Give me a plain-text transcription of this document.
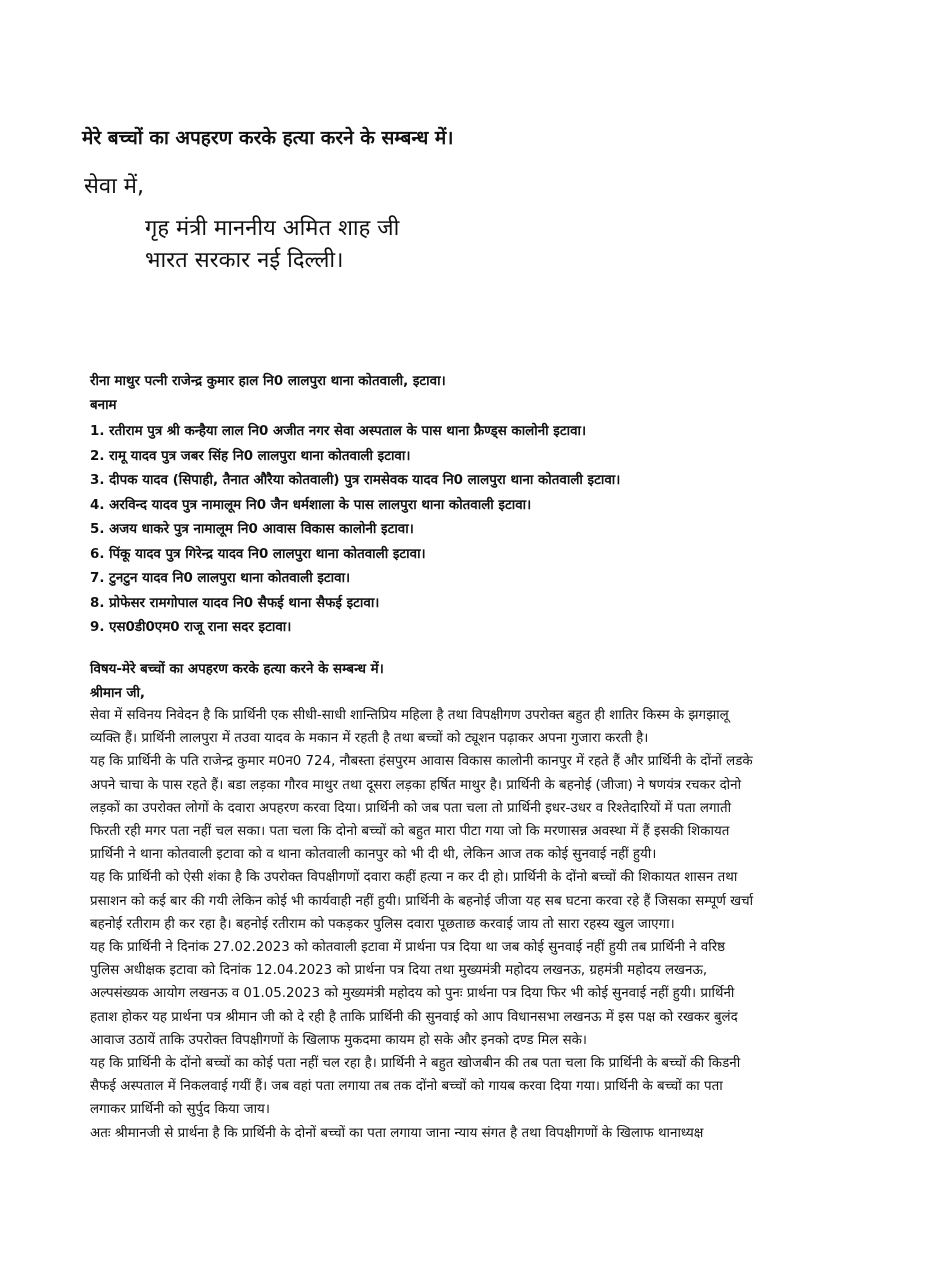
मेरे बच्चों का अपहरण करके हत्या करने के सम्बन्ध में।
सेवा में,
गृह मंत्री माननीय अमित शाह जी
भारत सरकार नई दिल्ली।
रीना माथुर पत्नी राजेन्द्र कुमार हाल नि0 लालपुरा थाना कोतवाली, इटावा।
बनाम
1. रतीराम पुत्र श्री कन्हैया लाल नि0 अजीत नगर सेवा अस्पताल के पास थाना फ्रैण्ड्स कालोनी इटावा।
2. रामू यादव पुत्र जबर सिंह नि0 लालपुरा थाना कोतवाली इटावा।
3. दीपक यादव (सिपाही, तैनात औरैया कोतवाली) पुत्र रामसेवक यादव नि0 लालपुरा थाना कोतवाली इटावा।
4. अरविन्द यादव पुत्र नामालूम नि0 जैन धर्मशाला के पास लालपुरा थाना कोतवाली इटावा।
5. अजय धाकरे पुत्र नामालूम नि0 आवास विकास कालोनी इटावा।
6. पिंकू यादव पुत्र गिरेन्द्र यादव नि0 लालपुरा थाना कोतवाली इटावा।
7. टुनटुन यादव नि0 लालपुरा थाना कोतवाली इटावा।
8. प्रोफेसर रामगोपाल यादव नि0 सैफई थाना सैफई इटावा।
9. एस0डी0एम0 राजू राना सदर इटावा।
विषय-मेरे बच्चों का अपहरण करके हत्या करने के सम्बन्ध में।
श्रीमान जी,
सेवा में सविनय निवेदन है कि प्रार्थिनी एक सीधी-साधी शान्तिप्रिय महिला है तथा विपक्षीगण उपरोक्त बहुत ही शातिर किस्म के झगझालू
व्यक्ति हैं। प्रार्थिनी लालपुरा में तउवा यादव के मकान में रहती है तथा बच्चों को ट्यूशन पढ़ाकर अपना गुजारा करती है।
यह कि प्रार्थिनी के पति राजेन्द्र कुमार म0न0 724, नौबस्ता हंसपुरम आवास विकास कालोनी कानपुर में रहते हैं और प्रार्थिनी के दोंनों लडके
अपने चाचा के पास रहते हैं। बडा लड़का गौरव माथुर तथा दूसरा लड़का हर्षित माथुर है। प्रार्थिनी के बहनोई (जीजा) ने षणयंत्र रचकर दोनो
लड़कों का उपरोक्त लोगों के दवारा अपहरण करवा दिया। प्रार्थिनी को जब पता चला तो प्रार्थिनी इधर-उधर व रिश्तेदारियों में पता लगाती
फिरती रही मगर पता नहीं चल सका। पता चला कि दोनो बच्चों को बहुत मारा पीटा गया जो कि मरणासन्न अवस्था में हैं इसकी शिकायत
प्रार्थिनी ने थाना कोतवाली इटावा को व थाना कोतवाली कानपुर को भी दी थी, लेकिन आज तक कोई सुनवाई नहीं हुयी।
यह कि प्रार्थिनी को ऐसी शंका है कि उपरोक्त विपक्षीगणों दवारा कहीं हत्या न कर दी हो। प्रार्थिनी के दोंनो बच्चों की शिकायत शासन तथा
प्रसाशन को कई बार की गयी लेकिन कोई भी कार्यवाही नहीं हुयी। प्रार्थिनी के बहनोई जीजा यह सब घटना करवा रहे हैं जिसका सम्पूर्ण खर्चा
बहनोई रतीराम ही कर रहा है। बहनोई रतीराम को पकड़कर पुलिस दवारा पूछताछ करवाई जाय तो सारा रहस्य खुल जाएगा।
यह कि प्रार्थिनी ने दिनांक 27.02.2023 को कोतवाली इटावा में प्रार्थना पत्र दिया था जब कोई सुनवाई नहीं हुयी तब प्रार्थिनी ने वरिष्ठ
पुलिस अधीक्षक इटावा को दिनांक 12.04.2023 को प्रार्थना पत्र दिया तथा मुख्यमंत्री महोदय लखनऊ, ग्रहमंत्री महोदय लखनऊ,
अल्पसंख्यक आयोग लखनऊ व 01.05.2023 को मुख्यमंत्री महोदय को पुनः प्रार्थना पत्र दिया फिर भी कोई सुनवाई नहीं हुयी। प्रार्थिनी
हताश होकर यह प्रार्थना पत्र श्रीमान जी को दे रही है ताकि प्रार्थिनी की सुनवाई को आप विधानसभा लखनऊ में इस पक्ष को रखकर बुलंद
आवाज उठायें ताकि उपरोक्त विपक्षीगणों के खिलाफ मुकदमा कायम हो सके और इनको दण्ड मिल सके।
यह कि प्रार्थिनी के दोंनो बच्चों का कोई पता नहीं चल रहा है। प्रार्थिनी ने बहुत खोजबीन की तब पता चला कि प्रार्थिनी के बच्चों की किडनी
सैफई अस्पताल में निकलवाई गयीं हैं। जब वहां पता लगाया तब तक दोंनो बच्चों को गायब करवा दिया गया। प्रार्थिनी के बच्चों का पता
लगाकर प्रार्थिनी को सुर्पुद किया जाय।
अतः श्रीमानजी से प्रार्थना है कि प्रार्थिनी के दोनों बच्चों का पता लगाया जाना न्याय संगत है तथा विपक्षीगणों के खिलाफ थानाध्यक्ष
